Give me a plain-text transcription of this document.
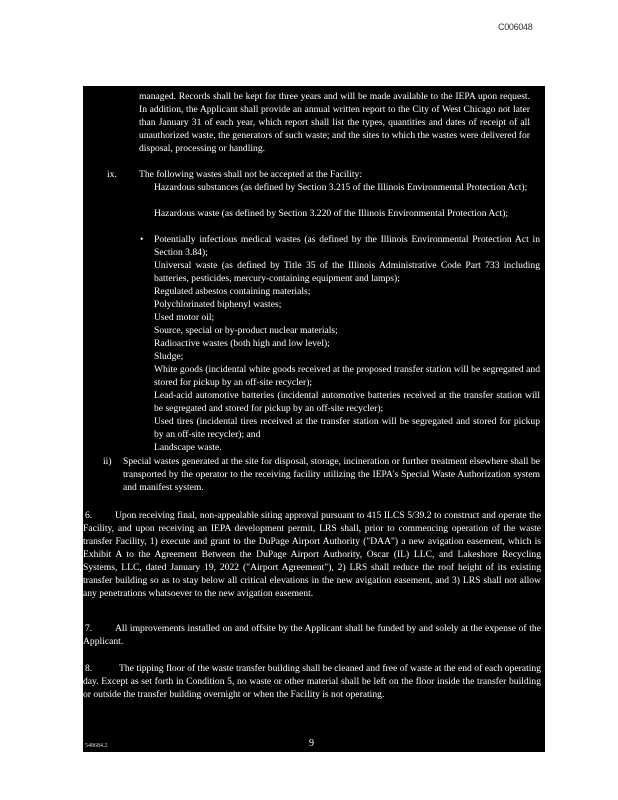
C006048

managed. Records shall be kept for three years and will be made available to the IEPA upon request. In addition, the Applicant shall provide an annual written report to the City of West Chicago not later than January 31 of each year, which report shall list the types, quantities and dates of receipt of all unauthorized waste, the generators of such waste; and the sites to which the wastes were delivered for disposal, processing or handling.

ix. The following wastes shall not be accepted at the Facility:

Hazardous substances (as defined by Section 3.215 of the Illinois Environmental Protection Act);

Hazardous waste (as defined by Section 3.220 of the Illinois Environmental Protection Act);

• Potentially infectious medical wastes (as defined by the Illinois Environmental Protection Act in Section 3.84);

Universal waste (as defined by Title 35 of the Illinois Administrative Code Part 733 including batteries, pesticides, mercury-containing equipment and lamps);

Regulated asbestos containing materials;

Polychlorinated biphenyl wastes;

Used motor oil;

Source, special or by-product nuclear materials;

Radioactive wastes (both high and low level);

Sludge;

White goods (incidental white goods received at the proposed transfer station will be segregated and stored for pickup by an off-site recycler);

Lead-acid automotive batteries (incidental automotive batteries received at the transfer station will be segregated and stored for pickup by an off-site recycler);

Used tires (incidental tires received at the transfer station will be segregated and stored for pickup by an off-site recycler); and

Landscape waste.

ii) Special wastes generated at the site for disposal, storage, incineration or further treatment elsewhere shall be transported by the operator to the receiving facility utilizing the IEPA's Special Waste Authorization system and manifest system.

6.	Upon receiving final, non-appealable siting approval pursuant to 415 ILCS 5/39.2 to construct and operate the Facility, and upon receiving an IEPA development permit, LRS shall, prior to commencing operation of the waste transfer Facility, 1) execute and grant to the DuPage Airport Authority ("DAA") a new avigation easement, which is Exhibit A to the Agreement Between the DuPage Airport Authority, Oscar (IL) LLC, and Lakeshore Recycling Systems, LLC, dated January 19, 2022 ("Airport Agreement"), 2) LRS shall reduce the roof height of its existing transfer building so as to stay below all critical elevations in the new avigation easement, and 3) LRS shall not allow any penetrations whatsoever to the new avigation easement.

7.	All improvements installed on and offsite by the Applicant shall be funded by and solely at the expense of the Applicant.

8.	The tipping floor of the waste transfer building shall be cleaned and free of waste at the end of each operating day. Except as set forth in Condition 5, no waste or other material shall be left on the floor inside the transfer building or outside the transfer building overnight or when the Facility is not operating.

548684.2	9
